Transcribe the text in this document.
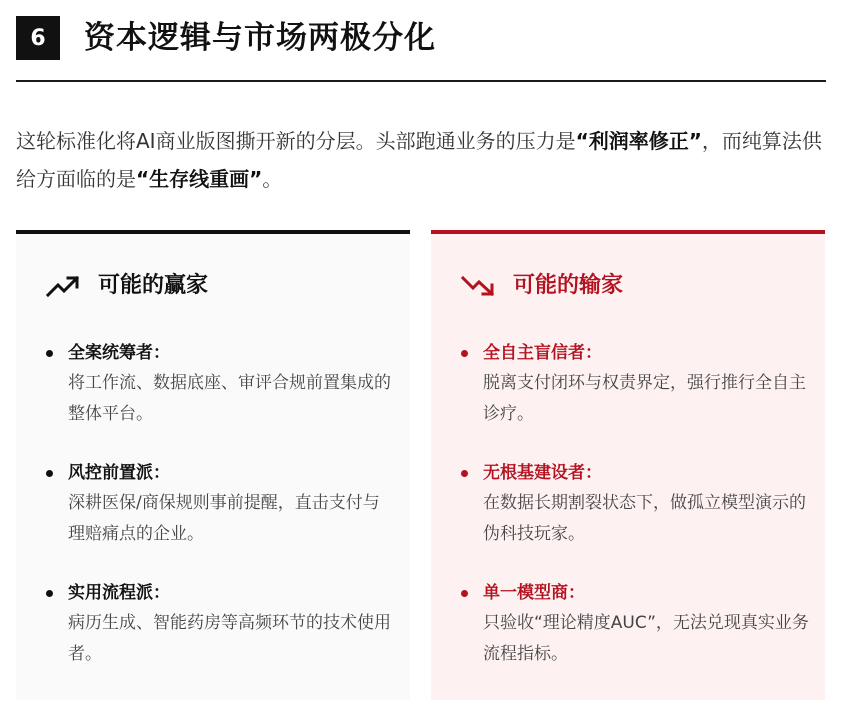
6	资本逻辑与市场两极分化

这轮标准化将AI商业版图撕开新的分层。头部跑通业务的压力是“利润率修正”，而纯算法供给方面临的是“生存线重画”。

可能的赢家
全案统筹者：
将工作流、数据底座、审评合规前置集成的整体平台。
风控前置派：
深耕医保/商保规则事前提醒，直击支付与理赔痛点的企业。
实用流程派：
病历生成、智能药房等高频环节的技术使用者。
可能的输家
全自主盲信者：
脱离支付闭环与权责界定，强行推行全自主诊疗。
无根基建设者：
在数据长期割裂状态下，做孤立模型演示的伪科技玩家。
单一模型商：
只验收“理论精度AUC”，无法兑现真实业务流程指标。
